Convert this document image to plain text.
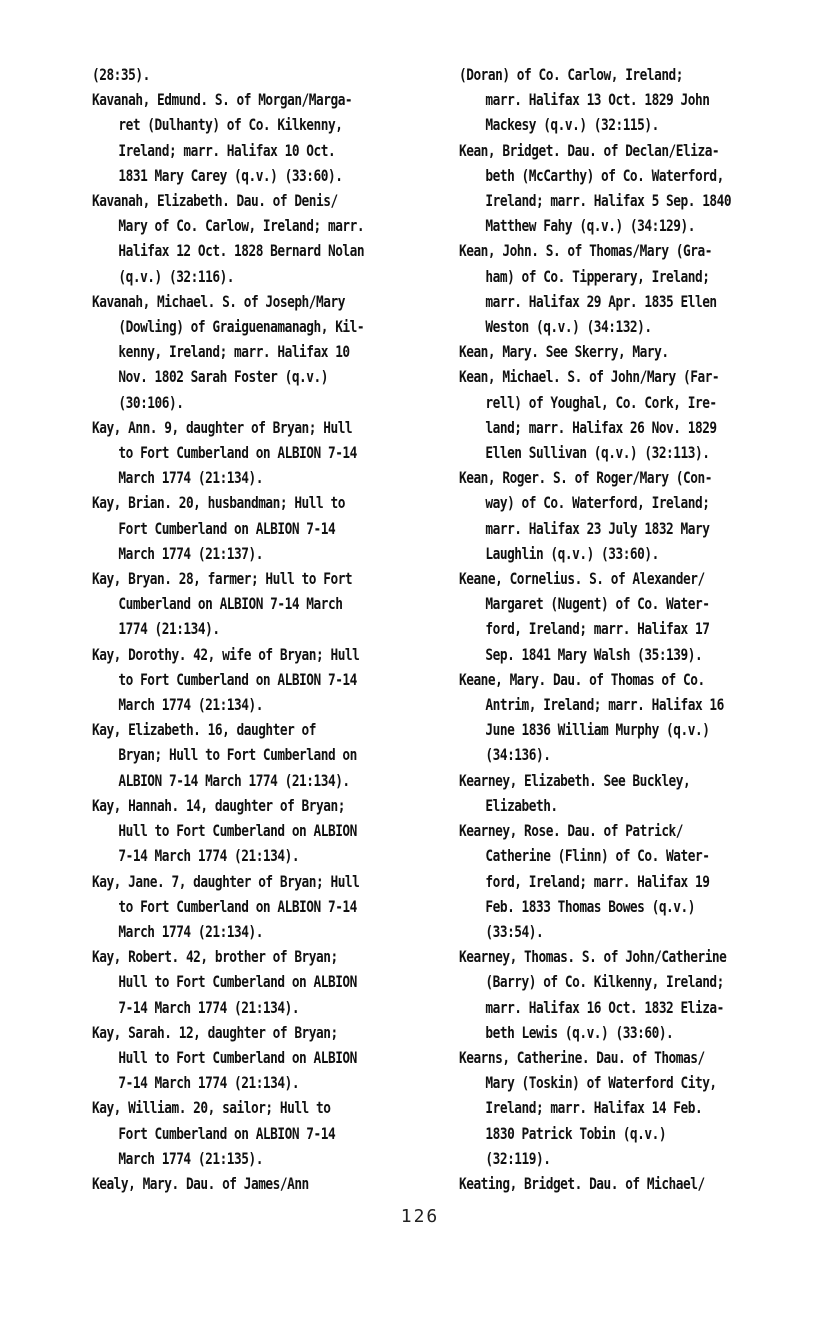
(28:35).

Kavanah, Edmund. S. of Morgan/Marga-
ret (Dulhanty) of Co. Kilkenny,
Ireland; marr. Halifax 10 Oct.
1831 Mary Carey (q.v.) (33:60).

Kavanah, Elizabeth. Dau. of Denis/
Mary of Co. Carlow, Ireland; marr.
Halifax 12 Oct. 1828 Bernard Nolan
(q.v.) (32:116).

Kavanah, Michael. S. of Joseph/Mary
(Dowling) of Graiguenamanagh, Kil-
kenny, Ireland; marr. Halifax 10
Nov. 1802 Sarah Foster (q.v.)
(30:106).

Kay, Ann. 9, daughter of Bryan; Hull
to Fort Cumberland on ALBION 7-14
March 1774 (21:134).

Kay, Brian. 20, husbandman; Hull to
Fort Cumberland on ALBION 7-14
March 1774 (21:137).

Kay, Bryan. 28, farmer; Hull to Fort
Cumberland on ALBION 7-14 March
1774 (21:134).

Kay, Dorothy. 42, wife of Bryan; Hull
to Fort Cumberland on ALBION 7-14
March 1774 (21:134).

Kay, Elizabeth. 16, daughter of
Bryan; Hull to Fort Cumberland on
ALBION 7-14 March 1774 (21:134).

Kay, Hannah. 14, daughter of Bryan;
Hull to Fort Cumberland on ALBION
7-14 March 1774 (21:134).

Kay, Jane. 7, daughter of Bryan; Hull
to Fort Cumberland on ALBION 7-14
March 1774 (21:134).

Kay, Robert. 42, brother of Bryan;
Hull to Fort Cumberland on ALBION
7-14 March 1774 (21:134).

Kay, Sarah. 12, daughter of Bryan;
Hull to Fort Cumberland on ALBION
7-14 March 1774 (21:134).

Kay, William. 20, sailor; Hull to
Fort Cumberland on ALBION 7-14
March 1774 (21:135).

Kealy, Mary. Dau. of James/Ann

(Doran) of Co. Carlow, Ireland;
marr. Halifax 13 Oct. 1829 John
Mackesy (q.v.) (32:115).

Kean, Bridget. Dau. of Declan/Eliza-
beth (McCarthy) of Co. Waterford,
Ireland; marr. Halifax 5 Sep. 1840
Matthew Fahy (q.v.) (34:129).

Kean, John. S. of Thomas/Mary (Gra-
ham) of Co. Tipperary, Ireland;
marr. Halifax 29 Apr. 1835 Ellen
Weston (q.v.) (34:132).

Kean, Mary. See Skerry, Mary.

Kean, Michael. S. of John/Mary (Far-
rell) of Youghal, Co. Cork, Ire-
land; marr. Halifax 26 Nov. 1829
Ellen Sullivan (q.v.) (32:113).

Kean, Roger. S. of Roger/Mary (Con-
way) of Co. Waterford, Ireland;
marr. Halifax 23 July 1832 Mary
Laughlin (q.v.) (33:60).

Keane, Cornelius. S. of Alexander/
Margaret (Nugent) of Co. Water-
ford, Ireland; marr. Halifax 17
Sep. 1841 Mary Walsh (35:139).

Keane, Mary. Dau. of Thomas of Co.
Antrim, Ireland; marr. Halifax 16
June 1836 William Murphy (q.v.)
(34:136).

Kearney, Elizabeth. See Buckley,
Elizabeth.

Kearney, Rose. Dau. of Patrick/
Catherine (Flinn) of Co. Water-
ford, Ireland; marr. Halifax 19
Feb. 1833 Thomas Bowes (q.v.)
(33:54).

Kearney, Thomas. S. of John/Catherine
(Barry) of Co. Kilkenny, Ireland;
marr. Halifax 16 Oct. 1832 Eliza-
beth Lewis (q.v.) (33:60).

Kearns, Catherine. Dau. of Thomas/
Mary (Toskin) of Waterford City,
Ireland; marr. Halifax 14 Feb.
1830 Patrick Tobin (q.v.)
(32:119).

Keating, Bridget. Dau. of Michael/

126
